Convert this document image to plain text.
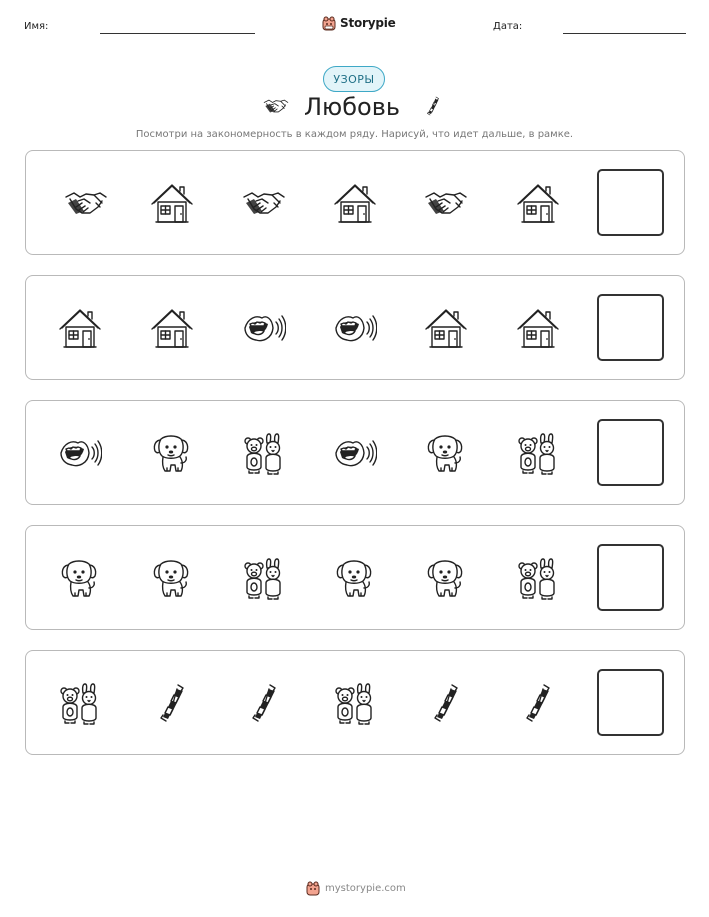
Имя:	Storypie	Дата:
УЗОРЫ
Любовь
Посмотри на закономерность в каждом ряду. Нарисуй, что идет дальше, в рамке.
mystorypie.com
